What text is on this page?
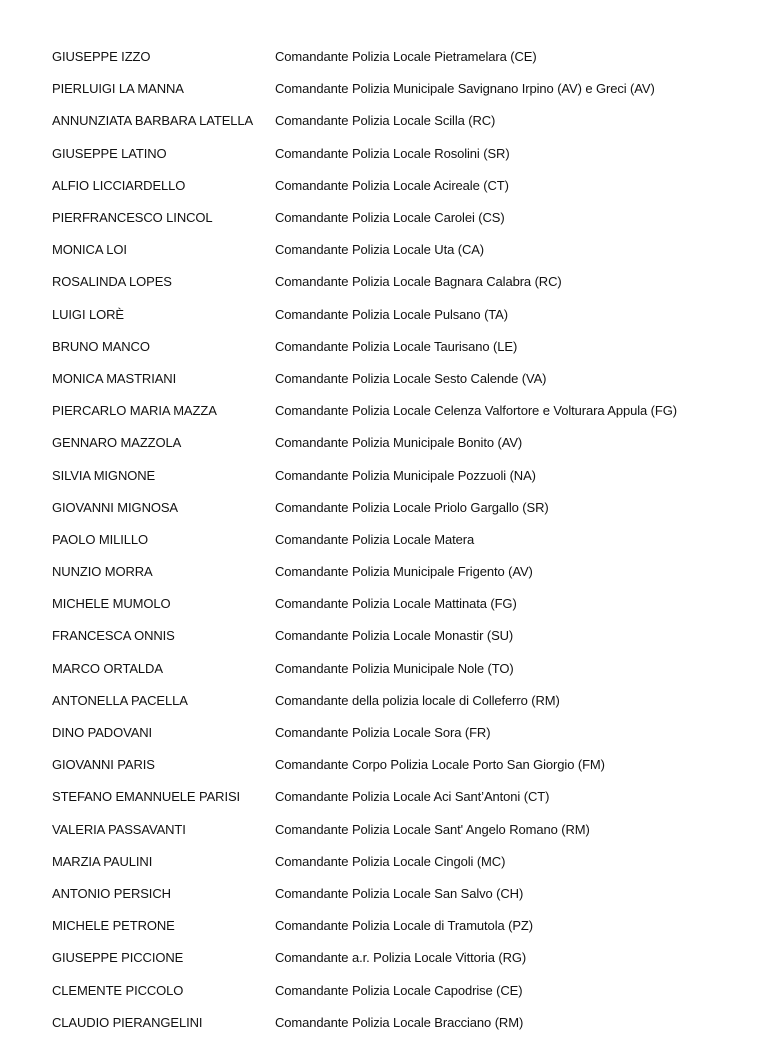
GIUSEPPE IZZO	Comandante Polizia Locale Pietramelara (CE)
PIERLUIGI LA MANNA	Comandante Polizia Municipale Savignano Irpino (AV) e Greci (AV)
ANNUNZIATA BARBARA LATELLA	Comandante Polizia Locale Scilla (RC)
GIUSEPPE LATINO	Comandante Polizia Locale Rosolini (SR)
ALFIO LICCIARDELLO	Comandante Polizia Locale Acireale (CT)
PIERFRANCESCO LINCOL	Comandante Polizia Locale Carolei (CS)
MONICA LOI	Comandante Polizia Locale Uta (CA)
ROSALINDA LOPES	Comandante Polizia Locale Bagnara Calabra (RC)
LUIGI LORÈ	Comandante Polizia Locale Pulsano (TA)
BRUNO MANCO	Comandante Polizia Locale Taurisano (LE)
MONICA MASTRIANI	Comandante Polizia Locale Sesto Calende (VA)
PIERCARLO MARIA MAZZA	Comandante Polizia Locale Celenza Valfortore e Volturara Appula (FG)
GENNARO MAZZOLA	Comandante Polizia Municipale Bonito (AV)
SILVIA MIGNONE	Comandante Polizia Municipale Pozzuoli (NA)
GIOVANNI MIGNOSA	Comandante Polizia Locale Priolo Gargallo (SR)
PAOLO MILILLO	Comandante Polizia Locale Matera
NUNZIO MORRA	Comandante Polizia Municipale Frigento (AV)
MICHELE MUMOLO	Comandante Polizia Locale Mattinata (FG)
FRANCESCA ONNIS	Comandante Polizia Locale Monastir (SU)
MARCO ORTALDA	Comandante Polizia Municipale Nole (TO)
ANTONELLA PACELLA	Comandante della polizia locale di Colleferro (RM)
DINO PADOVANI	Comandante Polizia Locale Sora (FR)
GIOVANNI PARIS	Comandante Corpo Polizia Locale Porto San Giorgio (FM)
STEFANO EMANNUELE PARISI	Comandante Polizia Locale Aci Sant’Antoni (CT)
VALERIA PASSAVANTI	Comandante Polizia Locale Sant' Angelo Romano (RM)
MARZIA PAULINI	Comandante Polizia Locale Cingoli (MC)
ANTONIO PERSICH	Comandante Polizia Locale San Salvo (CH)
MICHELE PETRONE	Comandante Polizia Locale di Tramutola (PZ)
GIUSEPPE PICCIONE	Comandante a.r. Polizia Locale Vittoria (RG)
CLEMENTE PICCOLO	Comandante Polizia Locale Capodrise (CE)
CLAUDIO PIERANGELINI	Comandante Polizia Locale Bracciano (RM)
